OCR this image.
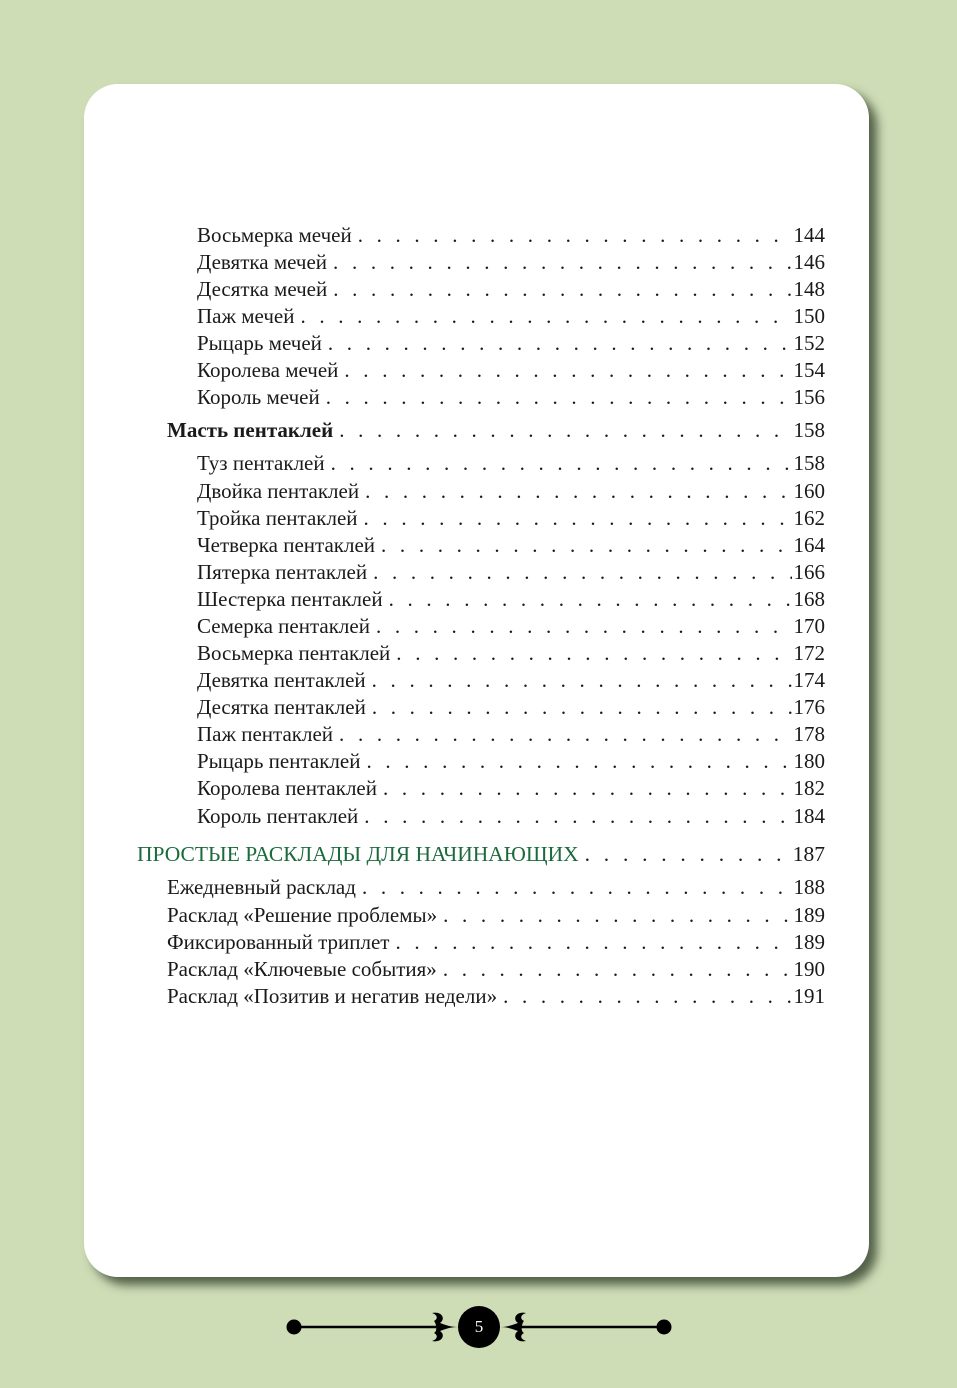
Восьмерка мечей . . .	144
Девятка мечей . . .	146
Десятка мечей . . .	148
Паж мечей . . .	150
Рыцарь мечей . . .	152
Королева мечей . . .	154
Король мечей . . .	156
Масть пентаклей . . .	158
Туз пентаклей . . .	158
Двойка пентаклей . . .	160
Тройка пентаклей . . .	162
Четверка пентаклей . . .	164
Пятерка пентаклей . . .	166
Шестерка пентаклей . . .	168
Семерка пентаклей . . .	170
Восьмерка пентаклей . . .	172
Девятка пентаклей . . .	174
Десятка пентаклей . . .	176
Паж пентаклей . . .	178
Рыцарь пентаклей . . .	180
Королева пентаклей . . .	182
Король пентаклей . . .	184
ПРОСТЫЕ РАСКЛАДЫ ДЛЯ НАЧИНАЮЩИХ . . .	187
Ежедневный расклад . . .	188
Расклад «Решение проблемы» . . .	189
Фиксированный триплет . . .	189
Расклад «Ключевые события» . . .	190
Расклад «Позитив и негатив недели» . . .	191
5
